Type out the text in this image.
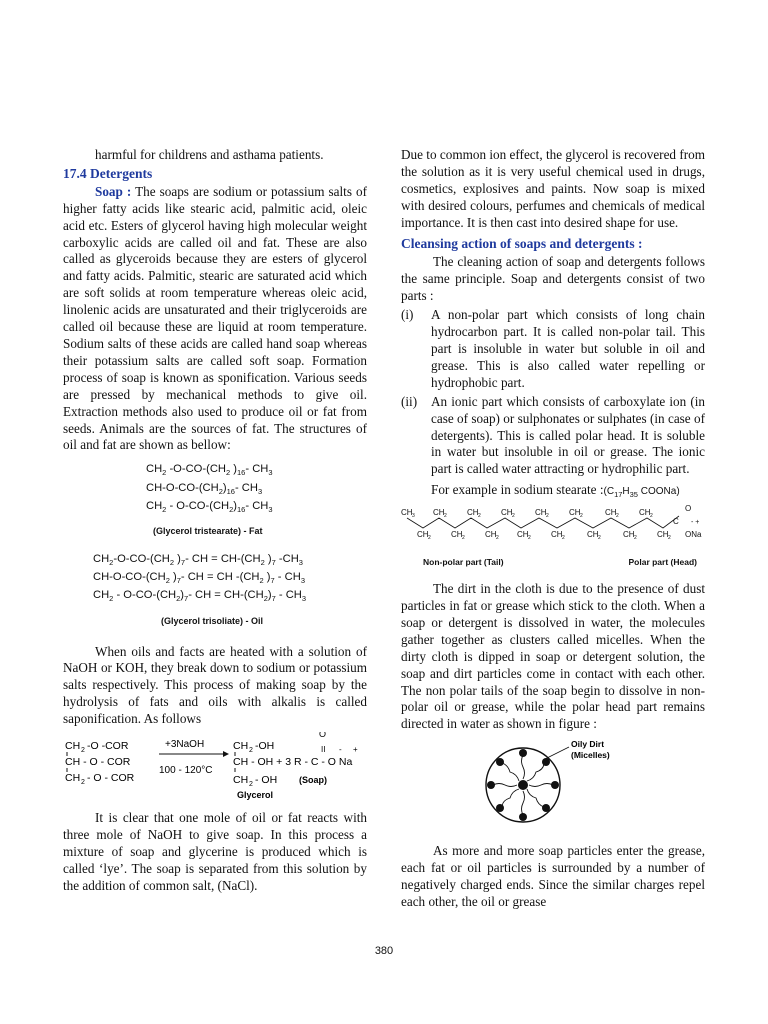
harmful for childrens and asthama patients.

17.4 Detergents

Soap : The soaps are sodium or potassium salts of higher fatty acids like stearic acid, palmitic acid, oleic acid etc. Esters of glycerol having high molecular weight carboxylic acids are called oil and fat. These are also called as glyceroids because they are esters of glycerol and fatty acids. Palmitic, stearic are saturated acid which are soft solids at room temperature whereas oleic acid, linolenic acids are unsaturated and their triglyceroids are called oil because these are liquid at room temperature. Sodium salts of these acids are called hand soap whereas their potassium salts are called soft soap. Formation process of soap is known as sponification. Various seeds are pressed by mechanical methods to give oil. Extraction methods also used to produce oil or fat from seeds. Animals are the sources of fat. The structures of oil and fat are shown as bellow:

$CH_2$ $-O-CO-(CH_2$ )$_{16}-$ $CH_3$
$CH-O-CO-(CH_2)_{16}-$ $CH_3$
$CH_2 - O-CO-(CH_2)_{16}-$ $CH_3$
(Glycerol tristearate) - Fat
$CH_2-O-CO-(CH_2$ )$_7-$ CH = $CH-(CH_2$ )$_7$ $-CH_3$
$CH-O-CO-(CH_2$ )$_7-$ CH = CH $-(CH_2$ )$_7 - CH_3$
$CH_2 - O-CO-(CH_2)_7-$ CH = $CH-(CH_2)_7 - CH_3$
(Glycerol trisoliate) - Oil

When oils and facts are heated with a solution of NaOH or KOH, they break down to sodium or potassium salts respectively. This process of making soap by the hydrolysis of fats and oils with alkalis is called saponification. As follows

CH 2 -O -COR
CH - O - COR
CH 2 - O - COR
+3NaOH
100 - 120°C
CH 2 -OH
CH - OH + 3 R - C - O Na
CH 2 - OH
O
II - +
(Soap)
Glycerol

It is clear that one mole of oil or fat reacts with three mole of NaOH to give soap. In this process a mixture of soap and glycerine is produced which is called ‘lye’. The soap is separated from this solution by the addition of common salt, (NaCl).

Due to common ion effect, the glycerol is recovered from the solution as it is very useful chemical used in drugs, cosmetics, explosives and paints. Now soap is mixed with desired colours, perfumes and chemicals of medical importance. It is then cast into desired shape for use.

Cleansing action of soaps and detergents :

The cleaning action of soap and detergents follows the same principle. Soap and detergents consist of two parts :

(i)	A non-polar part which consists of long chain hydrocarbon part. It is called non-polar tail. This part is insoluble in water but soluble in oil and grease. This is also called water repelling or hydrophobic part.
(ii)	An ionic part which consists of carboxylate ion (in case of soap) or sulphonates or sulphates (in case of detergents). This is called polar head. It is soluble in water but insoluble in oil or grease. The ionic part is called water attracting or hydrophilic part.

For example in sodium stearate $:(C_{17}H_{35}$ COONa)

CH 3 CH 2	CH 2	CH 2	CH 2	CH 2	CH 2	CH 2
CH 2	CH 2	CH 2 CH 2	CH 2	CH 2	CH 2	CH 2
C
O
ONa
- +
Non-polar part (Tail)	Polar part (Head)

The dirt in the cloth is due to the presence of dust particles in fat or grease which stick to the cloth. When a soap or detergent is dissolved in water, the molecules gather together as clusters called micelles. When the dirty cloth is dipped in soap or detergent solution, the soap and dirt particles come in contact with each other. The non polar tails of the soap begin to dissolve in non-polar oil or grease, while the polar head part remains directed in water as shown in figure :

Oily Dirt
(Micelles)

As more and more soap particles enter the grease, each fat or oil particles is surrounded by a number of negatively charged ends. Since the similar charges repel each other, the oil or grease

380
